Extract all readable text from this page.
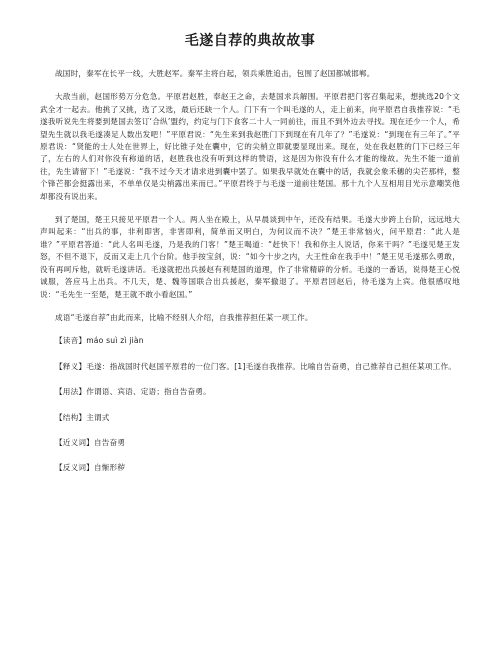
毛遂自荐的典故故事

战国时，秦军在长平一线，大胜赵军。秦军主将白起，领兵乘胜追击，包围了赵国都城邯郸。

大敌当前，赵国形势万分危急。平原君赵胜，奉赵王之命，去楚国求兵解围。平原君把门客召集起来，想挑选20个文武全才一起去。他挑了又挑，选了又选，最后还缺一个人。门下有一个叫毛遂的人，走上前来，向平原君自我推荐说：“毛遂我听说先生将要到楚国去签订‘合纵’盟约，约定与门下食客二十人一同前往，而且不到外边去寻找。现在还少一个人，希望先生就以我毛遂凑足人数出发吧！”平原君说：“先生来到我赵胜门下到现在有几年了？”毛遂说：“到现在有三年了。”平原君说：“贤能的士人处在世界上，好比锥子处在囊中，它的尖梢立即就要显现出来。现在，处在我赵胜的门下已经三年了，左右的人们对你没有称道的话，赵胜我也没有听到这样的赞语，这是因为你没有什么才能的缘故。先生不能一道前往，先生请留下！”毛遂说：“我不过今天才请求进到囊中罢了。如果我早就处在囊中的话，我就会象禾穗的尖芒那样，整个锋芒都会挺露出来，不单单仅是尖梢露出来而已。”平原君终于与毛遂一道前往楚国。那十九个人互相用目光示意嘲笑他却都没有说出来。

到了楚国，楚王只接见平原君一个人。两人坐在殿上，从早晨谈到中午，还没有结果。毛遂大步跨上台阶，远远地大声叫起来：“出兵的事，非利即害，非害即利，简单而又明白，为何议而不决？”楚王非常恼火，问平原君：“此人是谁？”平原君答道：“此人名叫毛遂，乃是我的门客！”楚王喝道：“赶快下！我和你主人说话，你来干吗？”毛遂见楚王发怒，不但不退下，反而又走上几个台阶。他手按宝剑，说：“如今十步之内，大王性命在我手中！”楚王见毛遂那么勇敢，没有再呵斥他，就听毛遂讲话。毛遂就把出兵援赵有利楚国的道理，作了非常精辟的分析。毛遂的一番话，说得楚王心悦诚服，答应马上出兵。不几天，楚、魏等国联合出兵援赵，秦军撤退了。平原君回赵后，待毛遂为上宾。他很感叹地说：“毛先生一至楚，楚王就不敢小看赵国。”

成语“毛遂自荐”由此而来，比喻不经别人介绍，自我推荐担任某一项工作。

【读音】máo suì zì jiàn
【释义】毛遂：指战国时代赵国平原君的一位门客。[1]毛遂自我推荐。比喻自告奋勇，自己推荐自己担任某项工作。
【用法】作谓语、宾语、定语；指自告奋勇。
【结构】主谓式
【近义词】自告奋勇
【反义词】自惭形秽
